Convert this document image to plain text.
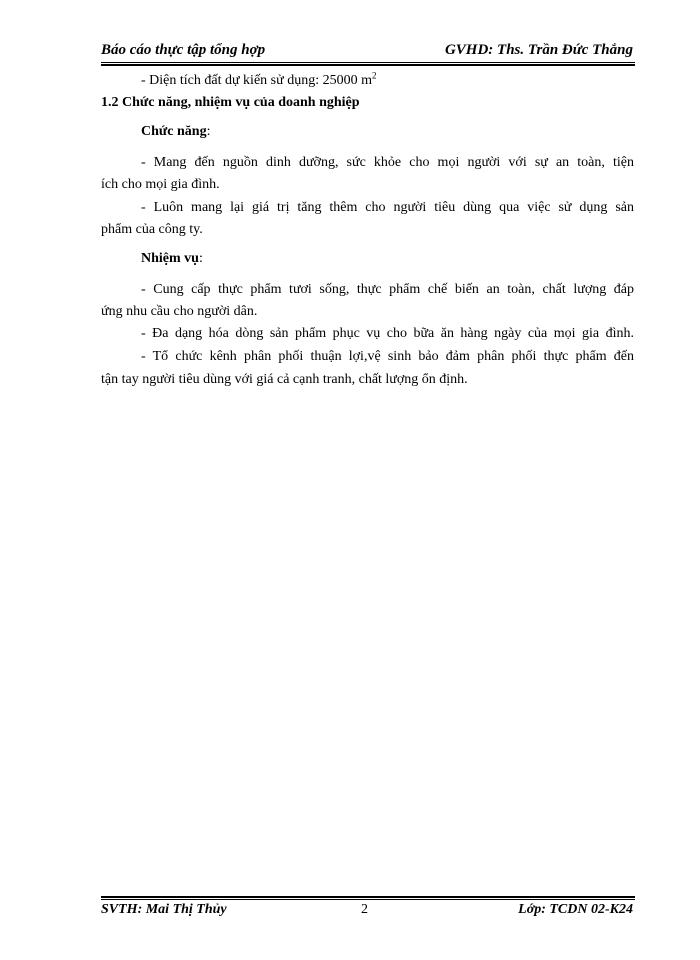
Báo cáo thực tập tổng hợp	GVHD: Ths. Trần Đức Thắng
- Diện tích đất dự kiến sử dụng: 25000 $m^2$
1.2 Chức năng, nhiệm vụ của doanh nghiệp
Chức năng:
- Mang đến nguồn dinh dưỡng, sức khỏe cho mọi người với sự an toàn, tiện
ích cho mọi gia đình.
- Luôn mang lại giá trị tăng thêm cho người tiêu dùng qua việc sử dụng sản
phẩm của công ty.
Nhiệm vụ:
- Cung cấp thực phẩm tươi sống, thực phẩm chế biến an toàn, chất lượng đáp
ứng nhu cầu cho người dân.
- Đa dạng hóa dòng sản phẩm phục vụ cho bữa ăn hàng ngày của mọi gia đình.
- Tổ chức kênh phân phối thuận lợi,vệ sinh bảo đảm phân phối thực phẩm đến
tận tay người tiêu dùng với giá cả cạnh tranh, chất lượng ổn định.
SVTH: Mai Thị Thủy	2	Lớp: TCDN 02-K24
